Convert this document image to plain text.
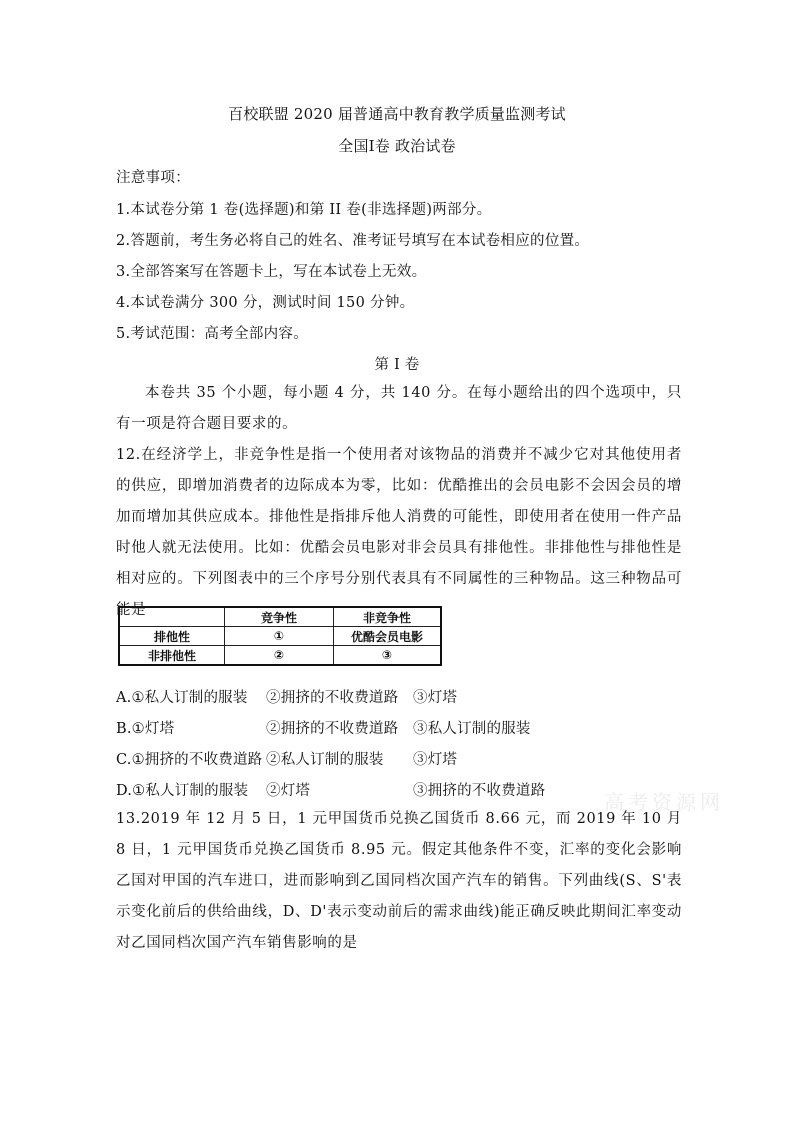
百校联盟 2020 届普通高中教育教学质量监测考试
全国I卷 政治试卷
注意事项：
1.本试卷分第 1 卷(选择题)和第 II 卷(非选择题)两部分。
2.答题前，考生务必将自己的姓名、准考证号填写在本试卷相应的位置。
3.全部答案写在答题卡上，写在本试卷上无效。
4.本试卷满分 300 分，测试时间 150 分钟。
5.考试范围：高考全部内容。
第 I 卷
本卷共 35 个小题，每小题 4 分，共 140 分。在每小题给出的四个选项中，只有一项是符合题目要求的。
12.在经济学上，非竞争性是指一个使用者对该物品的消费并不减少它对其他使用者的供应，即增加消费者的边际成本为零，比如：优酷推出的会员电影不会因会员的增加而增加其供应成本。排他性是指排斥他人消费的可能性，即使用者在使用一件产品时他人就无法使用。比如：优酷会员电影对非会员具有排他性。非排他性与排他性是相对应的。下列图表中的三个序号分别代表具有不同属性的三种物品。这三种物品可能是
		竞争性	非竞争性
排他性	①	优酷会员电影
非排他性	②	③
A.①私人订制的服装 ②拥挤的不收费道路 ③灯塔
B.①灯塔	②拥挤的不收费道路 ③私人订制的服装
C.①拥挤的不收费道路 ②私人订制的服装 ③灯塔
D.①私人订制的服装 ②灯塔	③拥挤的不收费道路	高考资源网
13.2019 年 12 月 5 日，1 元甲国货币兑换乙国货币 8.66 元，而 2019 年 10 月 8 日，1 元甲国货币兑换乙国货币 8.95 元。假定其他条件不变，汇率的变化会影响乙国对甲国的汽车进口，进而影响到乙国同档次国产汽车的销售。下列曲线(S、S'表示变化前后的供给曲线，D、D'表示变动前后的需求曲线)能正确反映此期间汇率变动对乙国同档次国产汽车销售影响的是
